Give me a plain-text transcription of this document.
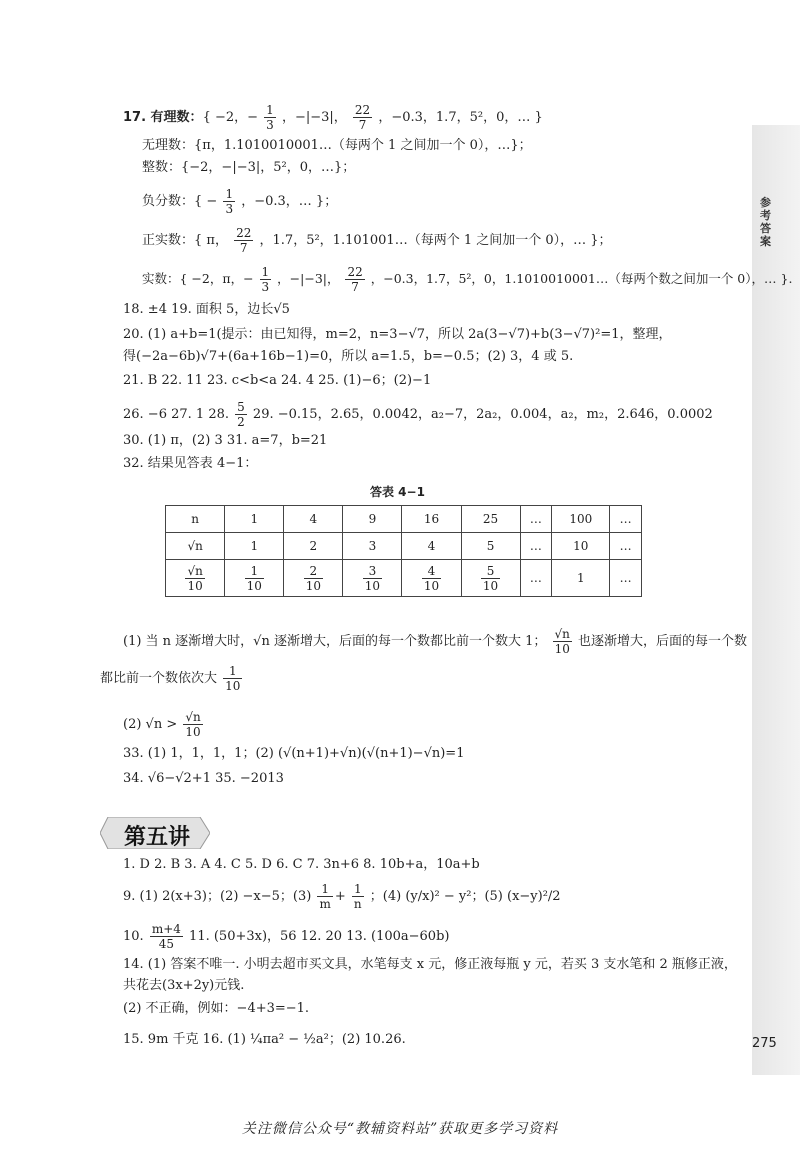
参考答案
17. 有理数：{ −2，− $\frac{1}{3}$ ，−|−3|， $\frac{22}{7}$ ，−0.3，1.7，5²，0，… }
无理数：{π，1.1010010001…（每两个 1 之间加一个 0），…}；
整数：{−2，−|−3|，5²，0，…}；
负分数：{ − $\frac{1}{3}$ ，−0.3，… }；
正实数：{ π， $\frac{22}{7}$ ，1.7，5²，1.101001…（每两个 1 之间加一个 0），… }；
实数：{ −2，π，− $\frac{1}{3}$ ，−|−3|， $\frac{22}{7}$ ，−0.3，1.7，5²，0，1.1010010001…（每两个数之间加一个 0），… }.
18. ±4 19. 面积 5，边长√5
20. (1) a+b=1(提示：由已知得，m=2，n=3−√7，所以 2a(3−√7)+b(3−√7)²=1，整理，
得(−2a−6b)√7+(6a+16b−1)=0，所以 a=1.5，b=−0.5；(2) 3，4 或 5.
21. B 22. 11 23. c<b<a 24. 4 25. (1)−6；(2)−1
26. −6 27. 1 28. $\frac{5}{2} 29$. −0.15，2.65，0.0042，a₂−7，2a₂，0.004，a₂，m₂，2.646，0.0002
30. (1) π，(2) 3 31. a=7，b=21
32. 结果见答表 4−1：
答表 4−1
n	1	4	9	16	25	…	100	…
√n	1	2	3	4	5	…	10	…

$\frac{√n}{10}$	$\frac{1}{10}$	$\frac{2}{10}$	$\frac{3}{10}$	$\frac{4}{10}$	$\frac{5}{10}$	…	1	…
(1) 当 n 逐渐增大时，√n 逐渐增大，后面的每一个数都比前一个数大 1； $\frac{√n}{10}$ 也逐渐增大，后面的每一个数
都比前一个数依次大 $\frac{1}{10}$
(2) $√n > \frac{√n}{10}$
33. (1) 1，1，1，1；(2) (√(n+1)+√n)(√(n+1)−√n)=1
34. √6−√2+1 35. −2013
第五讲
1. D 2. B 3. A 4. C 5. D 6. C 7. 3n+6 8. 10b+a，10a+b
9. (1) 2(x+3)；(2) −x−5；$(3) \frac{1}{m} + \frac{1}{n}$ ；(4) (y/x)² − y²；(5) (x−y)²/2
10. $\frac{m+4}{45} 11$. (50+3x)，56 12. 20 13. (100a−60b)
14. (1) 答案不唯一. 小明去超市买文具，水笔每支 x 元，修正液每瓶 y 元，若买 3 支水笔和 2 瓶修正液，
共花去(3x+2y)元钱.
(2) 不正确，例如：−4+3=−1.
15. 9m 千克 16. (1) ¼πa² − ½a²；(2) 10.26.	275
关注微信公众号“教辅资料站”获取更多学习资料
